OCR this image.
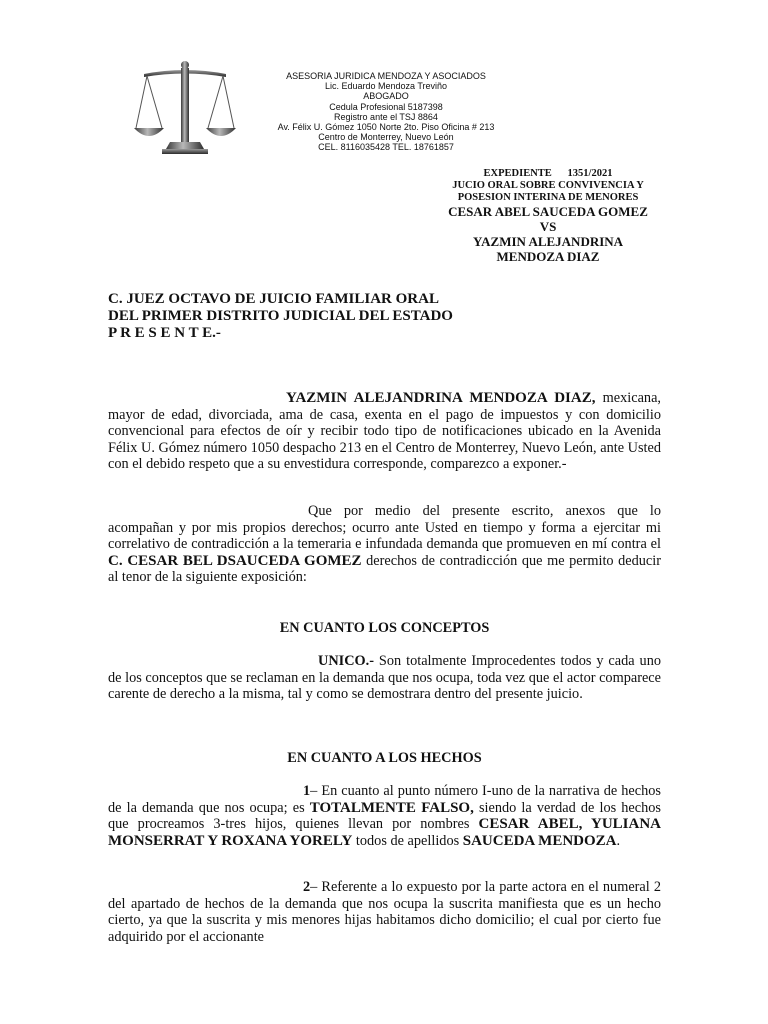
ASESORIA JURIDICA MENDOZA Y ASOCIADOS
Lic. Eduardo Mendoza Treviño
ABOGADO
Cedula Profesional 5187398
Registro ante el TSJ 8864
Av. Félix U. Gómez 1050 Norte 2to. Piso Oficina # 213
Centro de Monterrey, Nuevo León
CEL. 8116035428 TEL. 18761857
EXPEDIENTE 1351/2021
JUCIO ORAL SOBRE CONVIVENCIA Y
POSESION INTERINA DE MENORES
CESAR ABEL SAUCEDA GOMEZ
VS
YAZMIN ALEJANDRINA
MENDOZA DIAZ
C. JUEZ OCTAVO DE JUICIO FAMILIAR ORAL
DEL PRIMER DISTRITO JUDICIAL DEL ESTADO
P R E S E N T E.-
YAZMIN ALEJANDRINA MENDOZA DIAZ, mexicana, mayor de edad, divorciada, ama de casa, exenta en el pago de impuestos y con domicilio convencional para efectos de oír y recibir todo tipo de notificaciones ubicado en la Avenida Félix U. Gómez número 1050 despacho 213 en el Centro de Monterrey, Nuevo León, ante Usted con el debido respeto que a su envestidura corresponde, comparezco a exponer.-
Que por medio del presente escrito, anexos que lo acompañan y por mis propios derechos; ocurro ante Usted en tiempo y forma a ejercitar mi correlativo de contradicción a la temeraria e infundada demanda que promueven en mí contra el C. CESAR BEL DSAUCEDA GOMEZ derechos de contradicción que me permito deducir al tenor de la siguiente exposición:
EN CUANTO LOS CONCEPTOS
UNICO.- Son totalmente Improcedentes todos y cada uno de los conceptos que se reclaman en la demanda que nos ocupa, toda vez que el actor comparece carente de derecho a la misma, tal y como se demostrara dentro del presente juicio.
EN CUANTO A LOS HECHOS
1– En cuanto al punto número I-uno de la narrativa de hechos de la demanda que nos ocupa; es TOTALMENTE FALSO, siendo la verdad de los hechos que procreamos 3-tres hijos, quienes llevan por nombres CESAR ABEL, YULIANA MONSERRAT Y ROXANA YORELY todos de apellidos SAUCEDA MENDOZA.
2– Referente a lo expuesto por la parte actora en el numeral 2 del apartado de hechos de la demanda que nos ocupa la suscrita manifiesta que es un hecho cierto, ya que la suscrita y mis menores hijas habitamos dicho domicilio; el cual por cierto fue adquirido por el accionante
